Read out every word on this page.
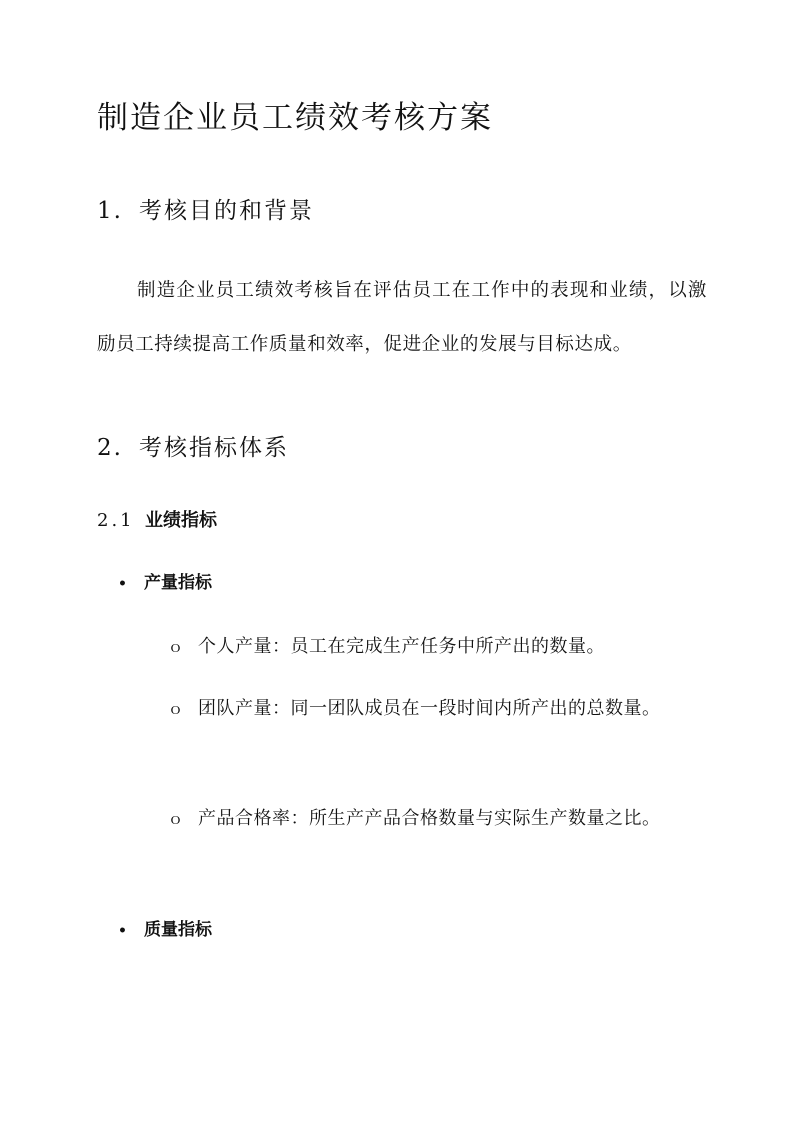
制造企业员工绩效考核方案
1. 考核目的和背景

制造企业员工绩效考核旨在评估员工在工作中的表现和业绩，以激励员工持续提高工作质量和效率，促进企业的发展与目标达成。

2. 考核指标体系
2.1 业绩指标
• 产量指标
ｏ 个人产量：员工在完成生产任务中所产出的数量。
ｏ 团队产量：同一团队成员在一段时间内所产出的总数量。
ｏ 产品合格率：所生产产品合格数量与实际生产数量之比。
• 质量指标
